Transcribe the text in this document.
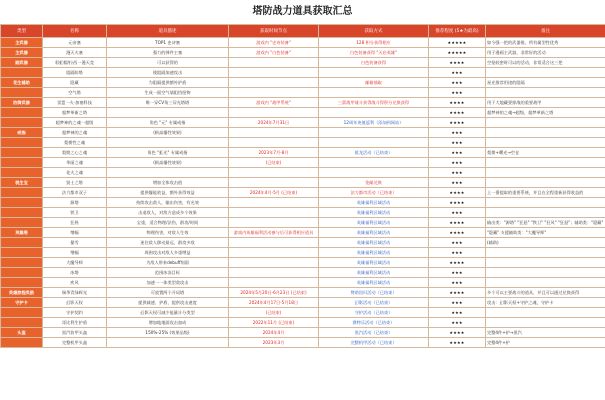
塔防战力道具获取汇总
类型	名称	道具描述	获取时间节点	获取方式	推荐程度 (5★为最高)	备注
主武器	元帝塞	TOP1 史诗塞	游戏内 "史诗装备"	128 积分获得相应	★★★★★	如今强一把的武器推，所有属型性优秀
主武器	漫天火塞	强力的弹件主塞	游戏内 "白色装备"	白色装备获得 "天启英雄"	★★★★★	用于漫画主武器，非常好的活动
副武器	彩虹帽/拉西一漫天竞	可以获得的		白色装备获得	★★★★	空怪较密时可以的活动，非常适合这三把
	阻隔防塔	使阻隔加速攻击			★★★	
花生辅助	隐藏	为阻隔提供额外护盾		邮箱抽取	★★★	星光推荐用途的阻隔
	空气塔	生成一面空气墙阻挡怪物			★★★	
防御武器	雷霆一火·加塞科技	唯一穿CV角三穿光塔塔	游戏内 "战甲系统"	三箭战甲战斗获得战斗得积分兑换获得	★★★★	用于大地藏要掠战的重要战甲
	超梦革新之塔				★★★★	超梦神的之魂→超级，超梦革新之塔
	超梦神的之魂一超级	角色 "元" 专属戒指	2024年7月31日	12周年充值返利（添加到网站）	★★★★	
戒指	超梦神的之魂	(极高爆性效果)			★★★	
	梨惯性之魂				★★★	
	梨惯之心之魂	角色 "虹光" 专属戒指	2023年7月-8月	抵龙活动（已结束）	★★★	梨惯+曙光→空仓
	华丽之魂	(极高爆性效果)	(已结束)		★★★	
	花火之魂				★★★	
桃生宝	贤士之塔	增加全体攻击值		免邮兑换	★★★	
	法力都市双子	提供爆能收益，额外获得效益	2024年4月-5月 (已结束)	法力都市活动（已结束）	★★★★	上一番提取的重要系统，并且在全程重新获得收益的
	源塔	持续攻击敌人，输出伤害，有光效		英雄福利区域活动	★★★★	
	铁卫	击退敌人，对敌方造成多个效果		英雄福利区域活动	★★★	
	狂热	宝重，适合物理/法伤，群攻/时间		英雄福利区域活动	★★★★	输出类："源塔" "狂怒" "铁卫" "狂风" "狂怒"；辅助类："隐藏"
英雄塔	增幅	物理伤害，对敌人生效	游戏内英雄福利活动参与后可获得相应道具	英雄福利区域活动	★★★★	"隐藏" 支援辅助类："大魔导师"
	暴雪	迷住敌人移动最远，群攻多敌		英雄福利区域活动	★★★	(辅助)
	增幅	周围攻击对敌人多重增益		英雄福利区域活动	★★★	
	大魔导师	为敌人带来debuff削弱		英雄福利区域活动	★★★★	
	冰塔	范围冰冻目标		英雄福利区域活动	★★★	
	疾风	加速一一体类型敌攻击		英雄福利区域活动	★★★	
英雄旅程奖励	瑞季青绿辉光	可放置两个开局塔	2024年5月20日-6月23日 (已结束)	赞助回归活动（已结束）	★★★★	多个可以主要战斗的道具，并且可以通过兑换获得
守护卡	幻影天权	提供减速、护盾、提供攻击速度	2024年4月17日-5月18日	幻影活动（已结束）	★★★	攻击：幻影天权+守护之魂，守护卡
	守护契约	幻影天权可减少能量计分类型	(已结束)	守护活动（已结束）	★★★	
	哥比利生护盾	增加地地面攻击加成	2022年11月 (已结束)	赛特乐活动（已结束）	★★★	
头盔	黑汽装甲头盔	150%-25% (效果品级)	2024年4月	黑汽活动（已结束）	★★★★	完整4件+护→黑汽
	完整机甲头盔		2023年3月	完整机甲活动（已结束）	★★★★	完整4件+护
